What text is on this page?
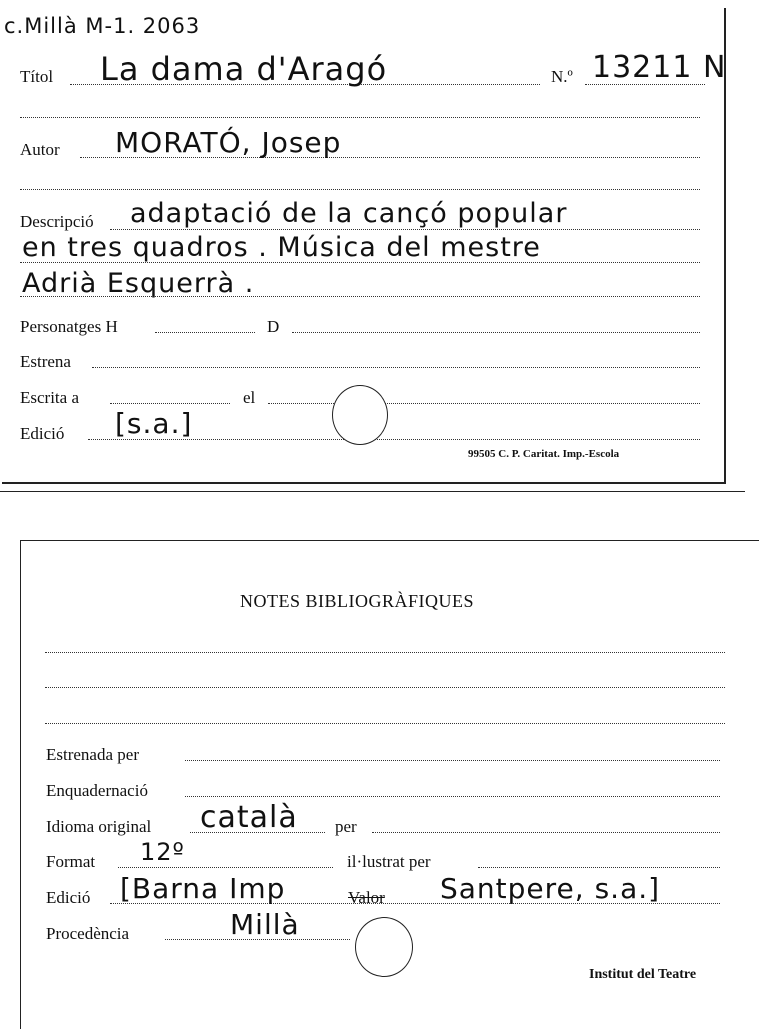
c.Millà M-1. 2063
Títol La dama d'Aragó	N.º 13211 N
Autor MORATÓ, Josep
Descripció adaptació de la cançó popular
en tres quadros . Música del mestre
Adrià Esquerrà .
Personatges H	D
Estrena
Escrita a	el
Edició [s.a.]
99505 C. P. Caritat. Imp.-Escola
NOTES BIBLIOGRÀFIQUES
Estrenada per
Enquadernació
Idioma original català per
Format 12º	il·lustrat per
Edició [Barna Imp	Valor Santpere, s.a.]
Procedència	Millà
Institut del Teatre
